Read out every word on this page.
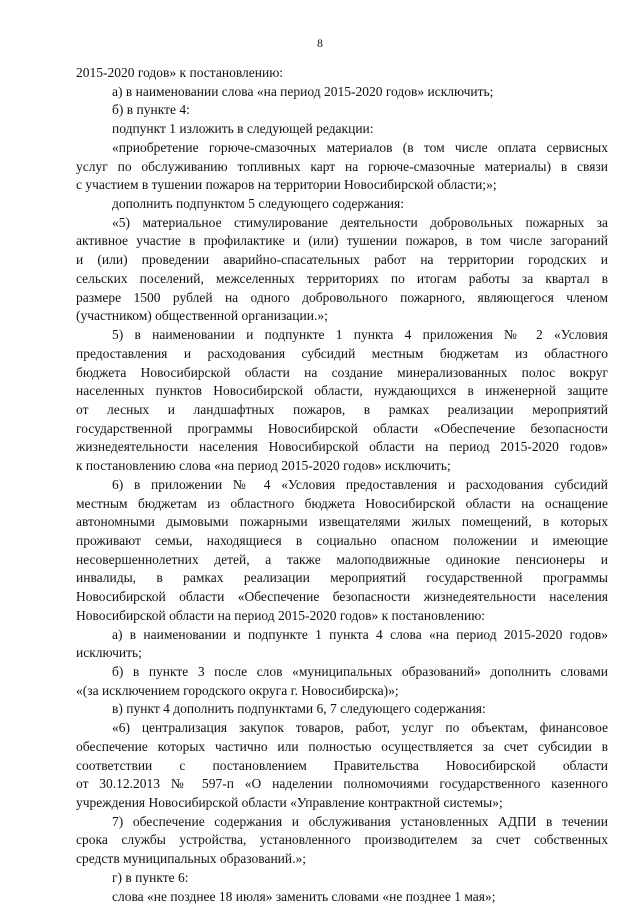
8
2015-2020 годов» к постановлению:
а) в наименовании слова «на период 2015-2020 годов» исключить;
б) в пункте 4:
подпункт 1 изложить в следующей редакции:
«приобретение горюче-смазочных материалов (в том числе оплата сервисных
услуг по обслуживанию топливных карт на горюче-смазочные материалы) в связи
с участием в тушении пожаров на территории Новосибирской области;»;
дополнить подпунктом 5 следующего содержания:
«5) материальное стимулирование деятельности добровольных пожарных за
активное участие в профилактике и (или) тушении пожаров, в том числе загораний
и (или) проведении аварийно-спасательных работ на территории городских и
сельских поселений, межселенных территориях по итогам работы за квартал в
размере 1500 рублей на одного добровольного пожарного, являющегося членом
(участником) общественной организации.»;
5) в наименовании и подпункте 1 пункта 4 приложения № 2 «Условия
предоставления и расходования субсидий местным бюджетам из областного
бюджета Новосибирской области на создание минерализованных полос вокруг
населенных пунктов Новосибирской области, нуждающихся в инженерной защите
от лесных и ландшафтных пожаров, в рамках реализации мероприятий
государственной программы Новосибирской области «Обеспечение безопасности
жизнедеятельности населения Новосибирской области на период 2015-2020 годов»
к постановлению слова «на период 2015-2020 годов» исключить;
6) в приложении № 4 «Условия предоставления и расходования субсидий
местным бюджетам из областного бюджета Новосибирской области на оснащение
автономными дымовыми пожарными извещателями жилых помещений, в которых
проживают семьи, находящиеся в социально опасном положении и имеющие
несовершеннолетних детей, а также малоподвижные одинокие пенсионеры и
инвалиды, в рамках реализации мероприятий государственной программы
Новосибирской области «Обеспечение безопасности жизнедеятельности населения
Новосибирской области на период 2015-2020 годов» к постановлению:
а) в наименовании и подпункте 1 пункта 4 слова «на период 2015-2020 годов»
исключить;
б) в пункте 3 после слов «муниципальных образований» дополнить словами
«(за исключением городского округа г. Новосибирска)»;
в) пункт 4 дополнить подпунктами 6, 7 следующего содержания:
«6) централизация закупок товаров, работ, услуг по объектам, финансовое
обеспечение которых частично или полностью осуществляется за счет субсидии в
соответствии с постановлением Правительства Новосибирской области
от 30.12.2013 № 597-п «О наделении полномочиями государственного казенного
учреждения Новосибирской области «Управление контрактной системы»;
7) обеспечение содержания и обслуживания установленных АДПИ в течении
срока службы устройства, установленного производителем за счет собственных
средств муниципальных образований.»;
г) в пункте 6:
слова «не позднее 18 июля» заменить словами «не позднее 1 мая»;
